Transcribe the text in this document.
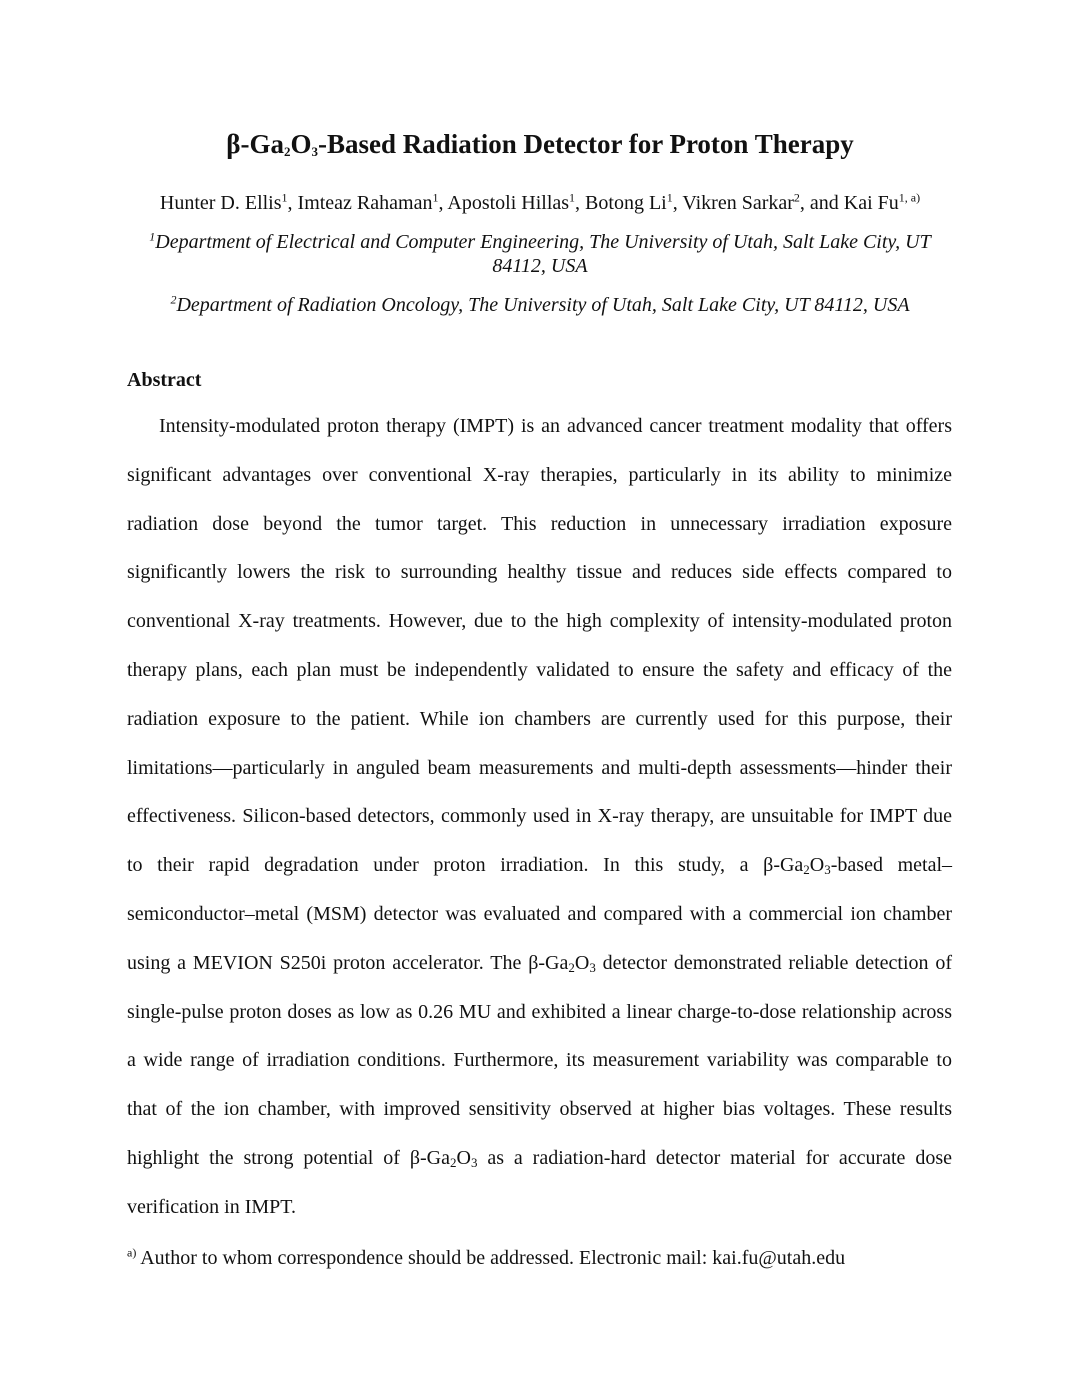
$\beta-Ga_2O_3$-Based Radiation Detector for Proton Therapy
Hunter D. Ellis$^1$, Imteaz Rahaman$^1$, Apostoli Hillas$^1$, Botong Li$^1$, Vikren Sarkar$^2$, and Kai Fu$^{1, a)}$
$^1$Department of Electrical and Computer Engineering, The University of Utah, Salt Lake City, UT 84112, USA
$^2$Department of Radiation Oncology, The University of Utah, Salt Lake City, UT 84112, USA
Abstract

Intensity-modulated proton therapy (IMPT) is an advanced cancer treatment modality that offers significant advantages over conventional X-ray therapies, particularly in its ability to minimize radiation dose beyond the tumor target. This reduction in unnecessary irradiation exposure significantly lowers the risk to surrounding healthy tissue and reduces side effects compared to conventional X-ray treatments. However, due to the high complexity of intensity-modulated proton therapy plans, each plan must be independently validated to ensure the safety and efficacy of the radiation exposure to the patient. While ion chambers are currently used for this purpose, their limitations—particularly in anguled beam measurements and multi-depth assessments—hinder their effectiveness. Silicon-based detectors, commonly used in X-ray therapy, are unsuitable for IMPT due to their rapid degradation under proton irradiation. In this study, a $\beta-Ga_2O_3$-based metal–semiconductor–metal (MSM) detector was evaluated and compared with a commercial ion chamber using a MEVION S250i proton accelerator. The $\beta-Ga_2O_3$ detector demonstrated reliable detection of single-pulse proton doses as low as 0.26 MU and exhibited a linear charge-to-dose relationship across a wide range of irradiation conditions. Furthermore, its measurement variability was comparable to that of the ion chamber, with improved sensitivity observed at higher bias voltages. These results highlight the strong potential of $\beta-Ga_2O_3$ as a radiation-hard detector material for accurate dose verification in IMPT.

$^{a)}$ Author to whom correspondence should be addressed. Electronic mail: kai.fu@utah.edu
